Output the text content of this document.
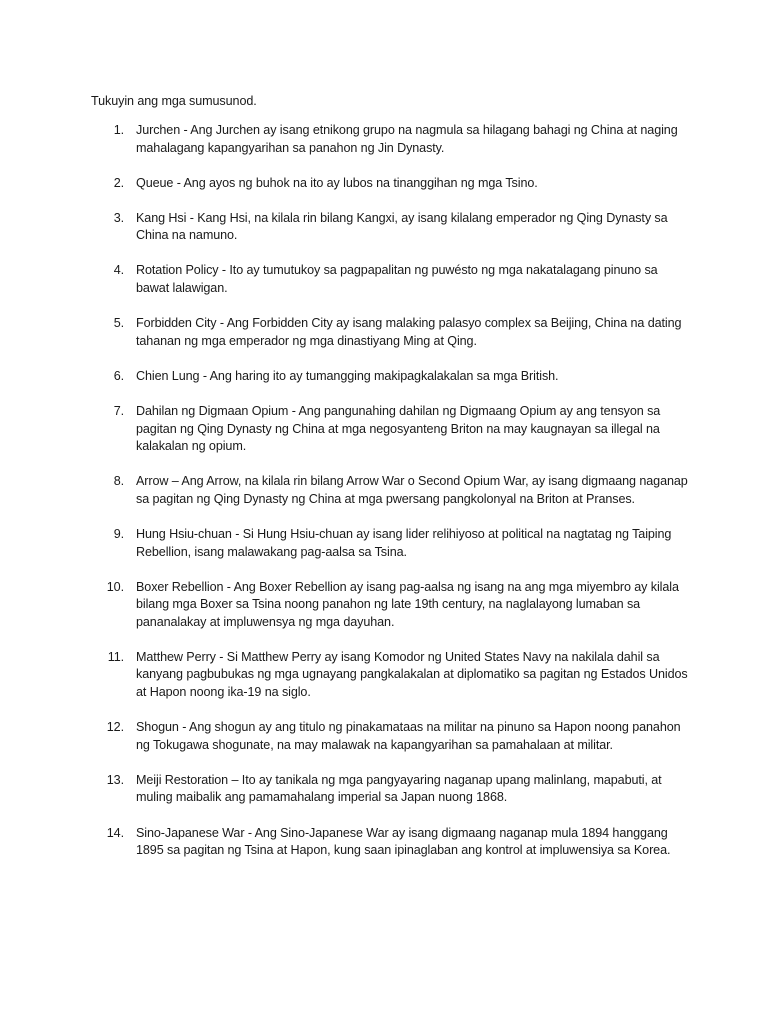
Tukuyin ang mga sumusunod.
1. Jurchen - Ang Jurchen ay isang etnikong grupo na nagmula sa hilagang bahagi ng China at naging mahalagang kapangyarihan sa panahon ng Jin Dynasty.
2. Queue - Ang ayos ng buhok na ito ay lubos na tinanggihan ng mga Tsino.
3. Kang Hsi - Kang Hsi, na kilala rin bilang Kangxi, ay isang kilalang emperador ng Qing Dynasty sa China na namuno.
4. Rotation Policy - Ito ay tumutukoy sa pagpapalitan ng puwésto ng mga nakatalagang pinuno sa bawat lalawigan.
5. Forbidden City - Ang Forbidden City ay isang malaking palasyo complex sa Beijing, China na dating tahanan ng mga emperador ng mga dinastiyang Ming at Qing.
6. Chien Lung - Ang haring ito ay tumangging makipagkalakalan sa mga British.
7. Dahilan ng Digmaan Opium - Ang pangunahing dahilan ng Digmaang Opium ay ang tensyon sa pagitan ng Qing Dynasty ng China at mga negosyanteng Briton na may kaugnayan sa illegal na kalakalan ng opium.
8. Arrow – Ang Arrow, na kilala rin bilang Arrow War o Second Opium War, ay isang digmaang naganap sa pagitan ng Qing Dynasty ng China at mga pwersang pangkolonyal na Briton at Pranses.
9. Hung Hsiu-chuan - Si Hung Hsiu-chuan ay isang lider relihiyoso at political na nagtatag ng Taiping Rebellion, isang malawakang pag-aalsa sa Tsina.
10. Boxer Rebellion - Ang Boxer Rebellion ay isang pag-aalsa ng isang na ang mga miyembro ay kilala bilang mga Boxer sa Tsina noong panahon ng late 19th century, na naglalayong lumaban sa pananalakay at impluwensya ng mga dayuhan.
11. Matthew Perry - Si Matthew Perry ay isang Komodor ng United States Navy na nakilala dahil sa kanyang pagbubukas ng mga ugnayang pangkalakalan at diplomatiko sa pagitan ng Estados Unidos at Hapon noong ika-19 na siglo.
12. Shogun - Ang shogun ay ang titulo ng pinakamataas na militar na pinuno sa Hapon noong panahon ng Tokugawa shogunate, na may malawak na kapangyarihan sa pamahalaan at militar.
13. Meiji Restoration – Ito ay tanikala ng mga pangyayaring naganap upang malinlang, mapabuti, at muling maibalik ang pamamahalang imperial sa Japan nuong 1868.
14. Sino-Japanese War - Ang Sino-Japanese War ay isang digmaang naganap mula 1894 hanggang 1895 sa pagitan ng Tsina at Hapon, kung saan ipinaglaban ang kontrol at impluwensiya sa Korea.
